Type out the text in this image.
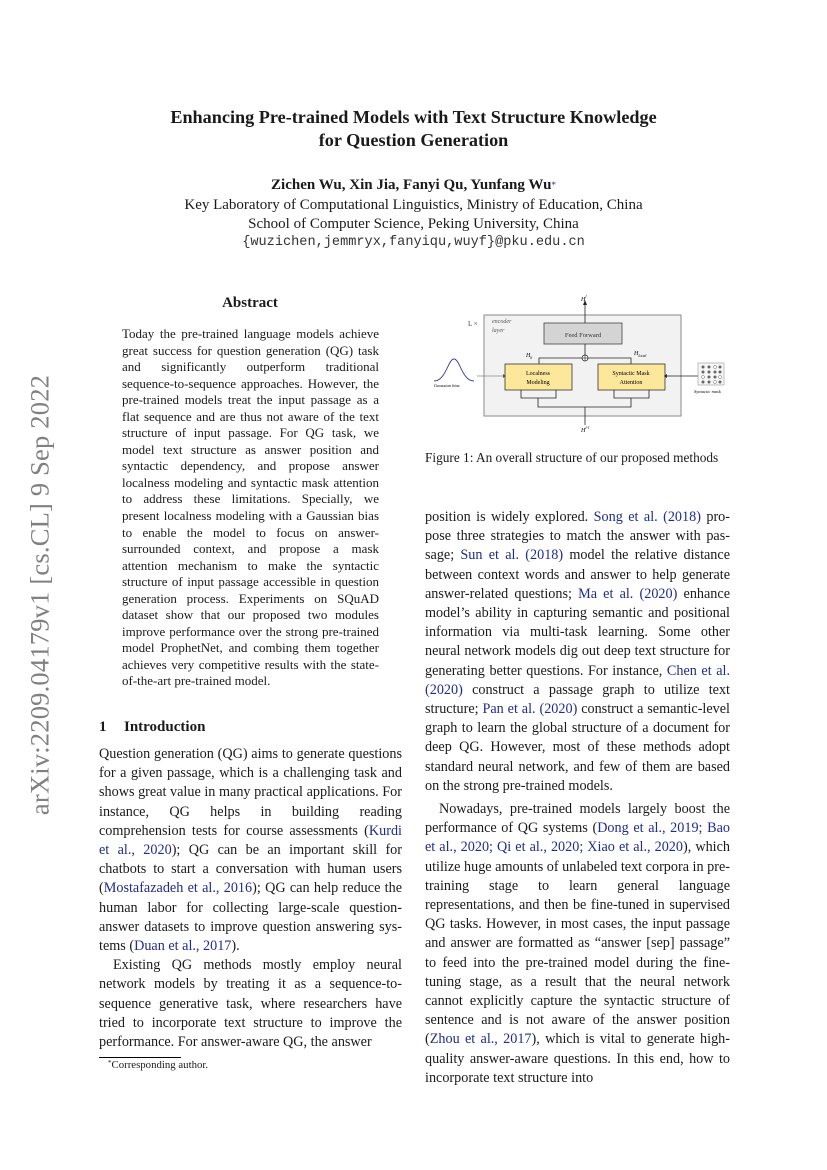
arXiv:2209.04179v1 [cs.CL] 9 Sep 2022
Enhancing Pre-trained Models with Text Structure Knowledge
for Question Generation
Zichen Wu, Xin Jia, Fanyi Qu, Yunfang Wu*
Key Laboratory of Computational Linguistics, Ministry of Education, China
School of Computer Science, Peking University, China
{wuzichen,jemmryx,fanyiqu,wuyf}@pku.edu.cn
Abstract
Today the pre-trained language models achieve great success for question generation (QG) task and significantly outperform traditional sequence-to-sequence approaches. However, the pre-trained models treat the input passage as a flat sequence and are thus not aware of the text structure of input passage. For QG task, we model text structure as answer position and syntactic dependency, and propose answer localness modeling and syntactic mask attention to address these limitations. Specially, we present localness modeling with a Gaussian bias to enable the model to focus on answer-surrounded context, and propose a mask attention mechanism to make the syntactic structure of input passage accessible in question generation process. Experiments on SQuAD dataset show that our proposed two modules improve performance over the strong pre-trained model ProphetNet, and combing them together achieves very competitive results with the state-of-the-art pre-trained model.
1 Introduction

Question generation (QG) aims to generate questions for a given passage, which is a challenging task and shows great value in many practical applications. For instance, QG helps in building reading comprehension tests for course assessments (Kurdi et al., 2020); QG can be an important skill for chatbots to start a conversation with human users (Mostafazadeh et al., 2016); QG can help reduce the human labor for collecting large-scale question-answer datasets to improve question answering systems (Duan et al., 2017).

Existing QG methods mostly employ neural network models by treating it as a sequence-to-sequence generative task, where researchers have tried to incorporate text structure to improve the performance. For answer-aware QG, the answer

*Corresponding author.
L × encoder
layer
$H^l$
Feed Forward
$H_k$
$H_{local}$
Localness
Modeling
Syntactic Mask
Attention
$H^{l-1}$
Gaussian bias
Syntactic mask
Figure 1: An overall structure of our proposed methods

position is widely explored. Song et al. (2018) propose three strategies to match the answer with passage; Sun et al. (2018) model the relative distance between context words and answer to help generate answer-related questions; Ma et al. (2020) enhance model’s ability in capturing semantic and positional information via multi-task learning. Some other neural network models dig out deep text structure for generating better questions. For instance, Chen et al. (2020) construct a passage graph to utilize text structure; Pan et al. (2020) construct a semantic-level graph to learn the global structure of a document for deep QG. However, most of these methods adopt standard neural network, and few of them are based on the strong pre-trained models.

Nowadays, pre-trained models largely boost the performance of QG systems (Dong et al., 2019; Bao et al., 2020; Qi et al., 2020; Xiao et al., 2020), which utilize huge amounts of unlabeled text corpora in pre-training stage to learn general language representations, and then be fine-tuned in supervised QG tasks. However, in most cases, the input passage and answer are formatted as “answer [sep] passage” to feed into the pre-trained model during the fine-tuning stage, as a result that the neural network cannot explicitly capture the syntactic structure of sentence and is not aware of the answer position (Zhou et al., 2017), which is vital to generate high-quality answer-aware questions. In this end, how to incorporate text structure into
